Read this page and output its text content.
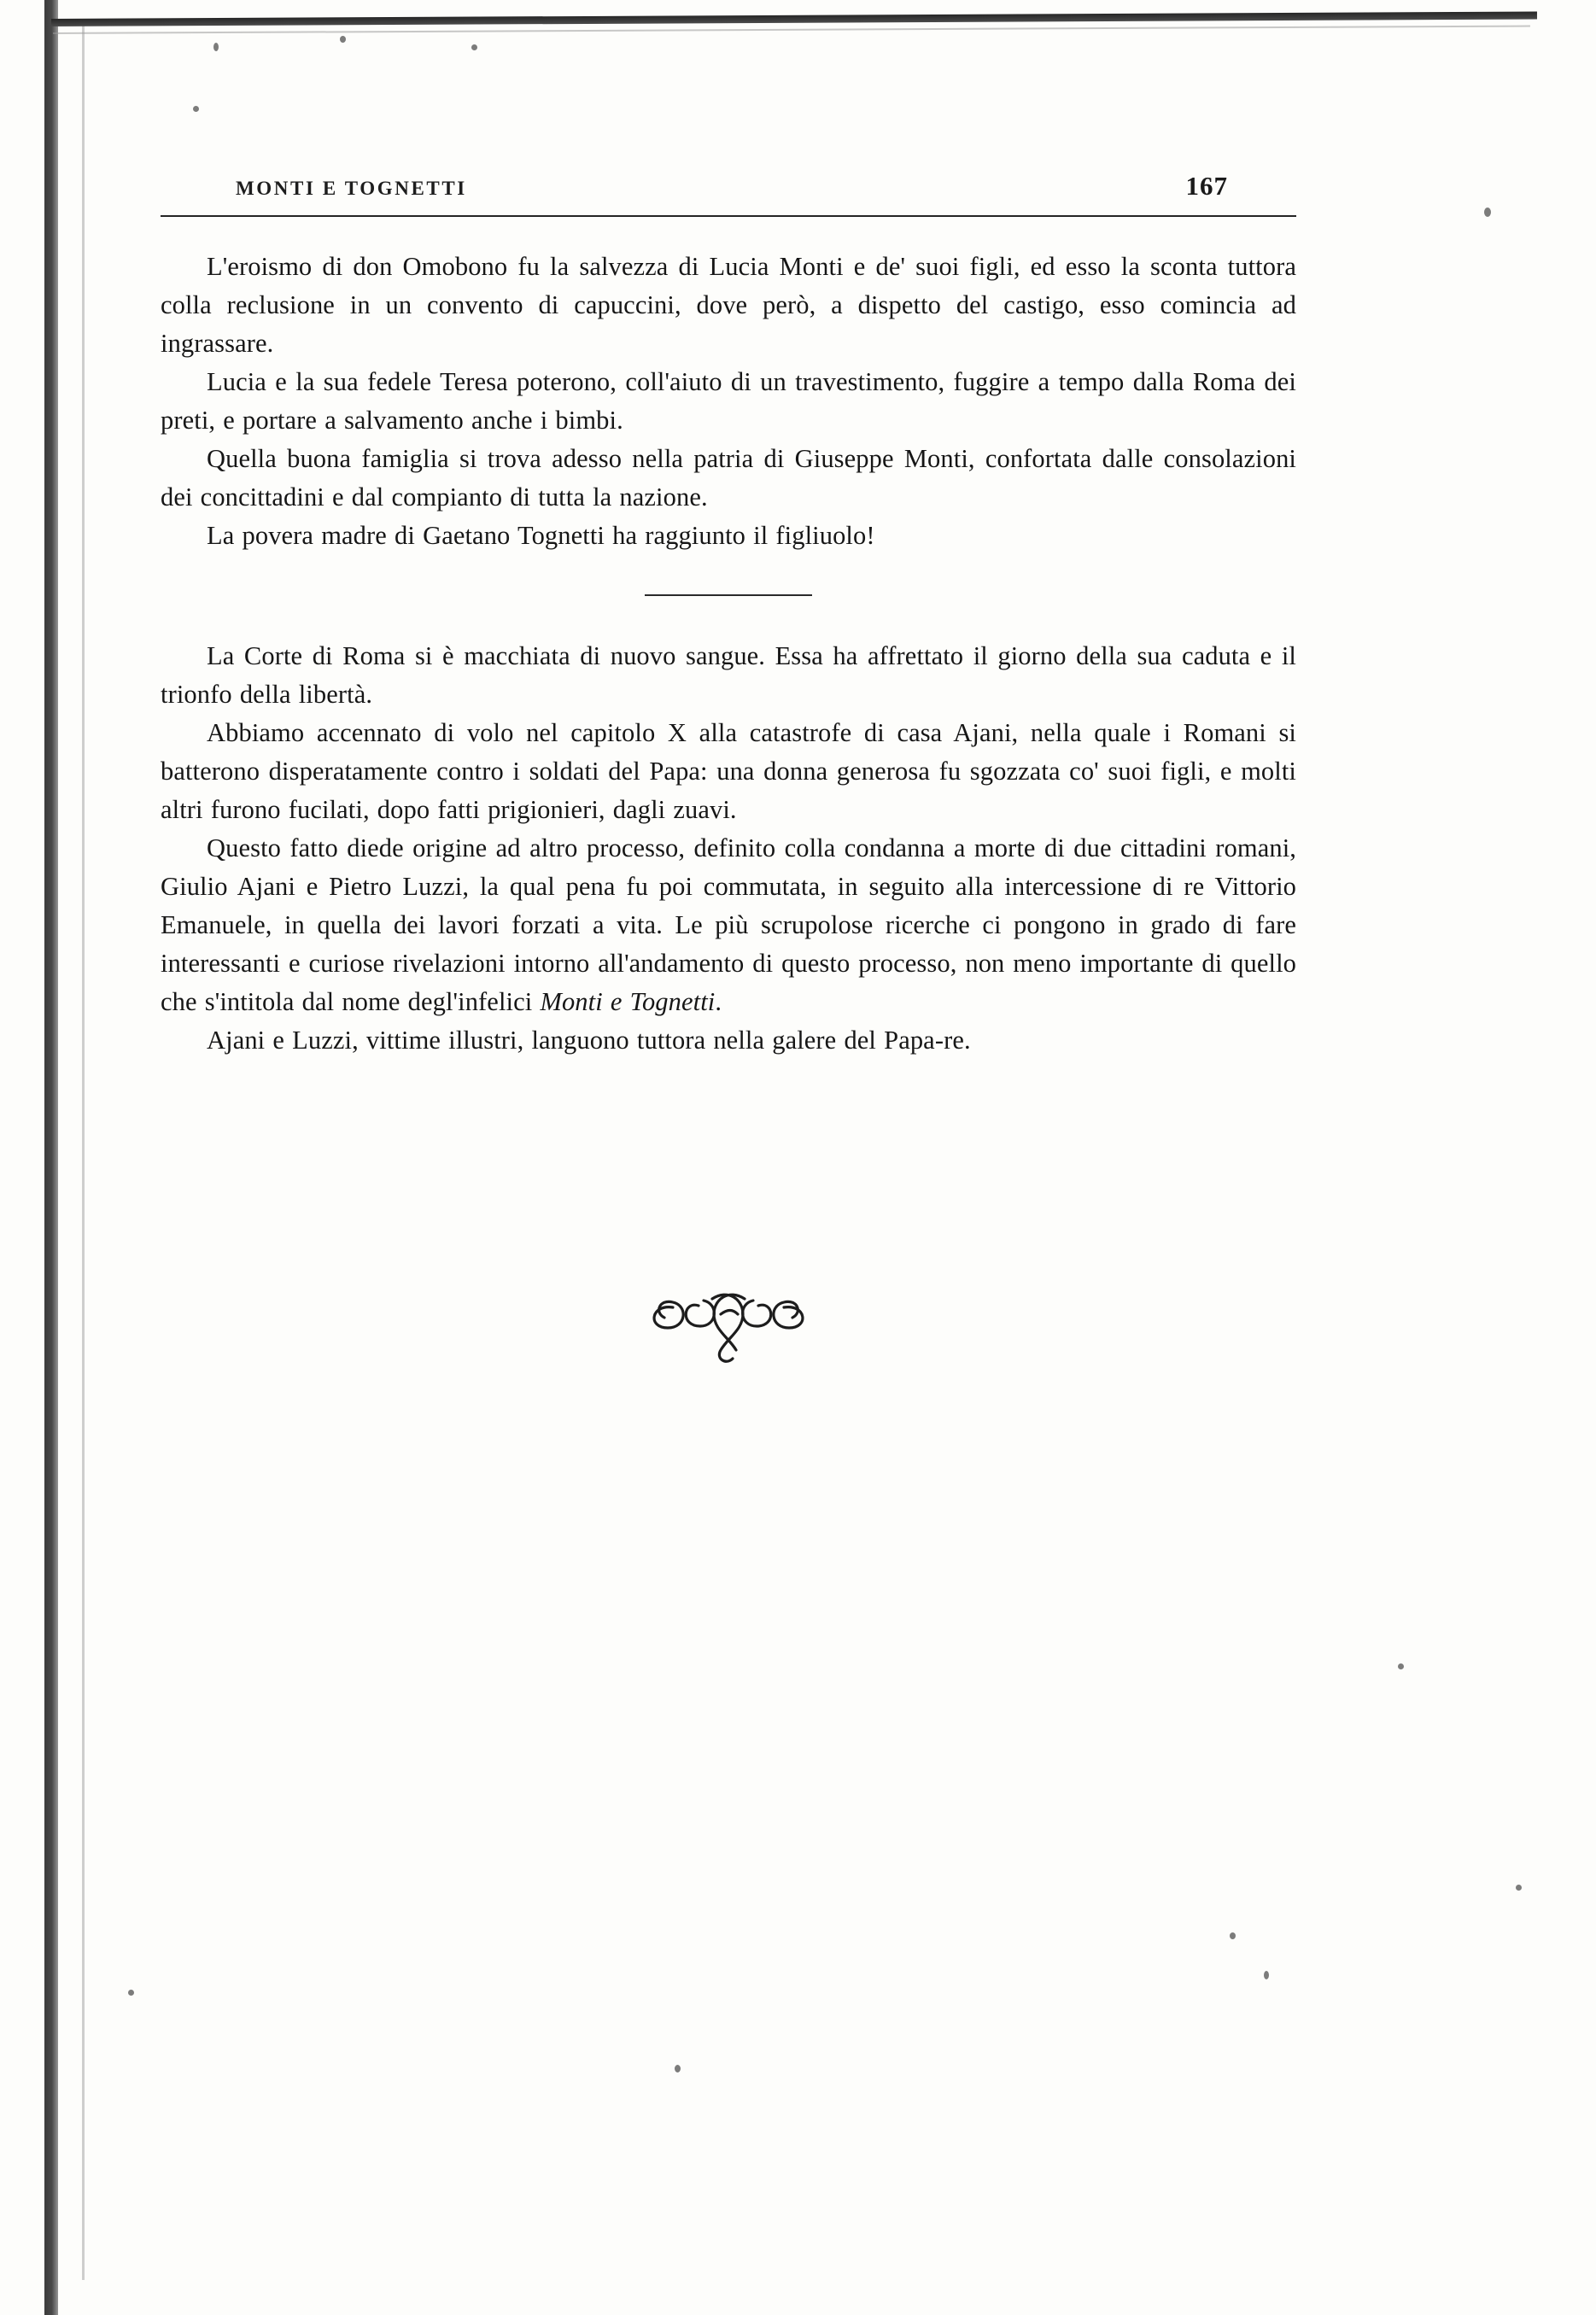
MONTI E TOGNETTI	167

L'eroismo di don Omobono fu la salvezza di Lucia Monti e de' suoi figli, ed esso la sconta tuttora colla reclusione in un convento di capuccini, dove però, a dispetto del castigo, esso comincia ad ingrassare.

Lucia e la sua fedele Teresa poterono, coll'aiuto di un travestimento, fuggire a tempo dalla Roma dei preti, e portare a salvamento anche i bimbi.

Quella buona famiglia si trova adesso nella patria di Giuseppe Monti, confortata dalle consolazioni dei concittadini e dal compianto di tutta la nazione.

La povera madre di Gaetano Tognetti ha raggiunto il figliuolo!

La Corte di Roma si è macchiata di nuovo sangue. Essa ha affrettato il giorno della sua caduta e il trionfo della libertà.

Abbiamo accennato di volo nel capitolo X alla catastrofe di casa Ajani, nella quale i Romani si batterono disperatamente contro i soldati del Papa: una donna generosa fu sgozzata co' suoi figli, e molti altri furono fucilati, dopo fatti prigionieri, dagli zuavi.

Questo fatto diede origine ad altro processo, definito colla condanna a morte di due cittadini romani, Giulio Ajani e Pietro Luzzi, la qual pena fu poi commutata, in seguito alla intercessione di re Vittorio Emanuele, in quella dei lavori forzati a vita. Le più scrupolose ricerche ci pongono in grado di fare interessanti e curiose rivelazioni intorno all'andamento di questo processo, non meno importante di quello che s'intitola dal nome degl'infelici Monti e Tognetti.

Ajani e Luzzi, vittime illustri, languono tuttora nella galere del Papa-re.
